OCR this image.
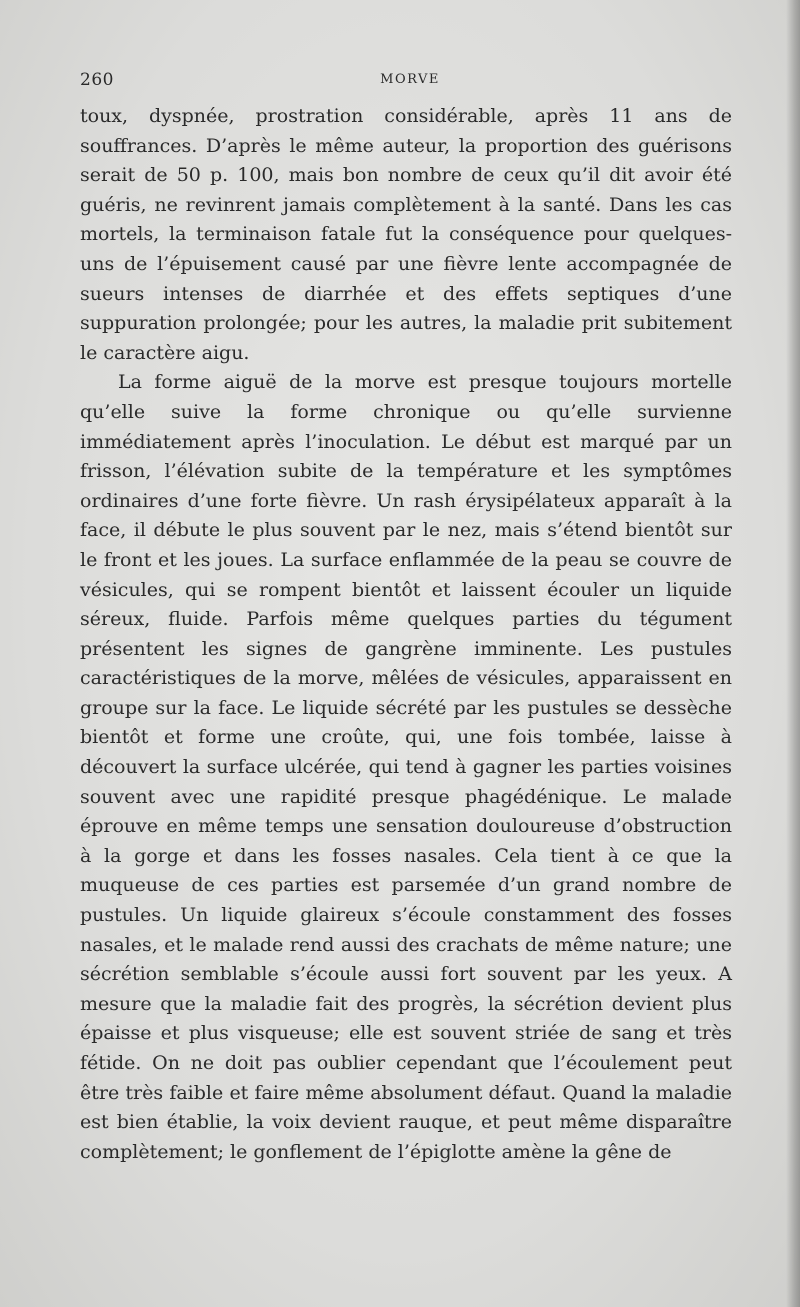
260	MORVE

toux, dyspnée, prostration considérable, après 11 ans de souffrances. D’après le même auteur, la proportion des guérisons serait de 50 p. 100, mais bon nombre de ceux qu’il dit avoir été guéris, ne revinrent jamais complètement à la santé. Dans les cas mortels, la terminaison fatale fut la conséquence pour quelques-uns de l’épuisement causé par une fièvre lente accompagnée de sueurs intenses de diarrhée et des effets septiques d’une suppuration prolongée; pour les autres, la maladie prit subitement le caractère aigu.

La forme aiguë de la morve est presque toujours mortelle qu’elle suive la forme chronique ou qu’elle survienne immédiatement après l’inoculation. Le début est marqué par un frisson, l’élévation subite de la température et les symptômes ordinaires d’une forte fièvre. Un rash érysipélateux apparaît à la face, il débute le plus souvent par le nez, mais s’étend bientôt sur le front et les joues. La surface enflammée de la peau se couvre de vésicules, qui se rompent bientôt et laissent écouler un liquide séreux, fluide. Parfois même quelques parties du tégument présentent les signes de gangrène imminente. Les pustules caractéristiques de la morve, mêlées de vésicules, apparaissent en groupe sur la face. Le liquide sécrété par les pustules se dessèche bientôt et forme une croûte, qui, une fois tombée, laisse à découvert la surface ulcérée, qui tend à gagner les parties voisines souvent avec une rapidité presque phagédénique. Le malade éprouve en même temps une sensation douloureuse d’obstruction à la gorge et dans les fosses nasales. Cela tient à ce que la muqueuse de ces parties est parsemée d’un grand nombre de pustules. Un liquide glaireux s’écoule constamment des fosses nasales, et le malade rend aussi des crachats de même nature; une sécrétion semblable s’écoule aussi fort souvent par les yeux. A mesure que la maladie fait des progrès, la sécrétion devient plus épaisse et plus visqueuse; elle est souvent striée de sang et très fétide. On ne doit pas oublier cependant que l’écoulement peut être très faible et faire même absolument défaut. Quand la maladie est bien établie, la voix devient rauque, et peut même disparaître complètement; le gonflement de l’épiglotte amène la gêne de
